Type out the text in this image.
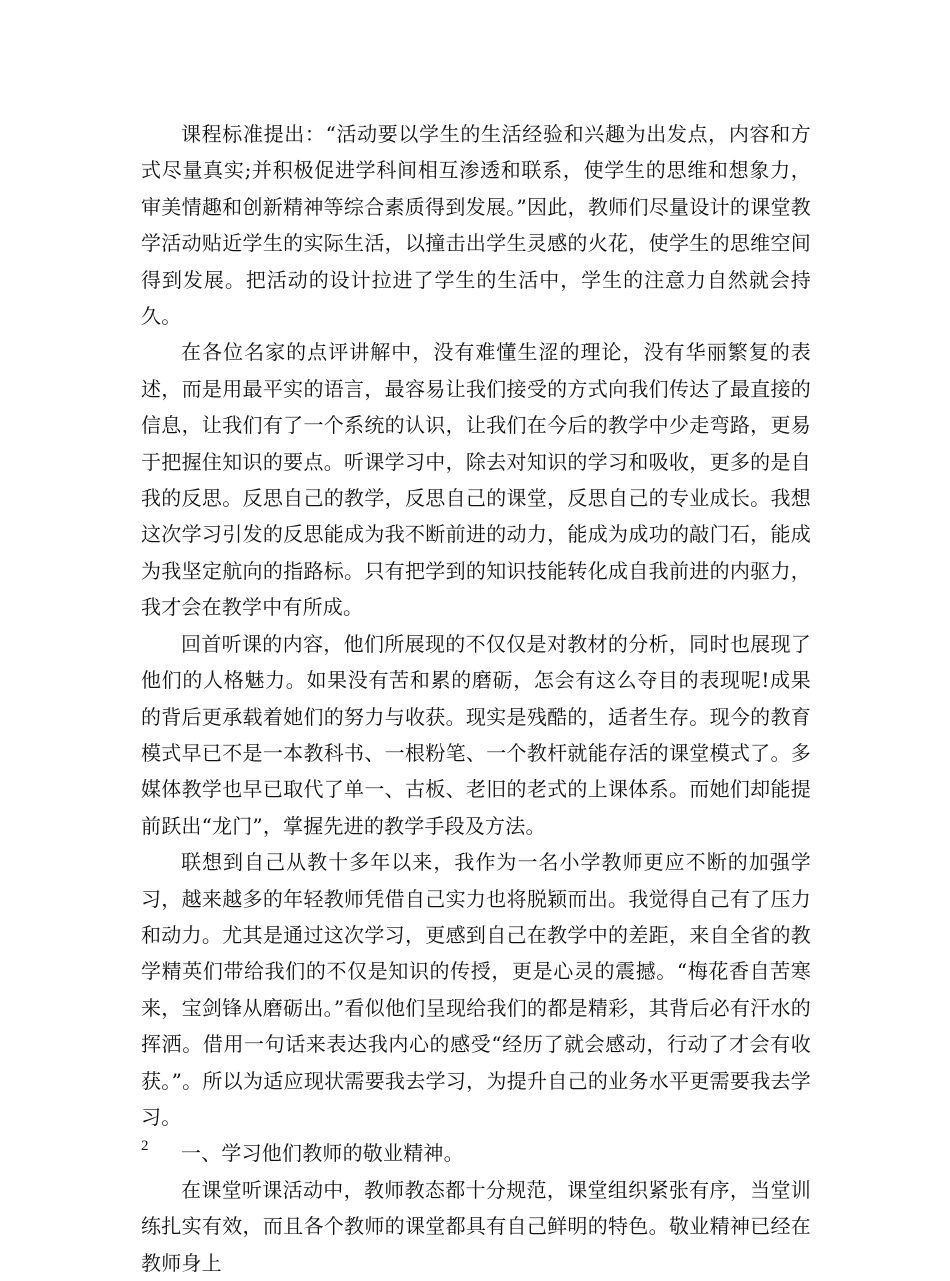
课程标准提出：“活动要以学生的生活经验和兴趣为出发点，内容和方式尽量真实;并积极促进学科间相互渗透和联系，使学生的思维和想象力，审美情趣和创新精神等综合素质得到发展。”因此，教师们尽量设计的课堂教学活动贴近学生的实际生活，以撞击出学生灵感的火花，使学生的思维空间得到发展。把活动的设计拉进了学生的生活中，学生的注意力自然就会持久。

在各位名家的点评讲解中，没有难懂生涩的理论，没有华丽繁复的表述，而是用最平实的语言，最容易让我们接受的方式向我们传达了最直接的信息，让我们有了一个系统的认识，让我们在今后的教学中少走弯路，更易于把握住知识的要点。听课学习中，除去对知识的学习和吸收，更多的是自我的反思。反思自己的教学，反思自己的课堂，反思自己的专业成长。我想这次学习引发的反思能成为我不断前进的动力，能成为成功的敲门石，能成为我坚定航向的指路标。只有把学到的知识技能转化成自我前进的内驱力，我才会在教学中有所成。

回首听课的内容，他们所展现的不仅仅是对教材的分析，同时也展现了他们的人格魅力。如果没有苦和累的磨砺，怎会有这么夺目的表现呢!成果的背后更承载着她们的努力与收获。现实是残酷的，适者生存。现今的教育模式早已不是一本教科书、一根粉笔、一个教杆就能存活的课堂模式了。多媒体教学也早已取代了单一、古板、老旧的老式的上课体系。而她们却能提前跃出“龙门”，掌握先进的教学手段及方法。

联想到自己从教十多年以来，我作为一名小学教师更应不断的加强学习，越来越多的年轻教师凭借自己实力也将脱颖而出。我觉得自己有了压力和动力。尤其是通过这次学习，更感到自己在教学中的差距，来自全省的教学精英们带给我们的不仅是知识的传授，更是心灵的震撼。“梅花香自苦寒来，宝剑锋从磨砺出。”看似他们呈现给我们的都是精彩，其背后必有汗水的挥洒。借用一句话来表达我内心的感受“经历了就会感动，行动了才会有收获。”。所以为适应现状需要我去学习，为提升自己的业务水平更需要我去学习。

一、学习他们教师的敬业精神。

在课堂听课活动中，教师教态都十分规范，课堂组织紧张有序，当堂训练扎实有效，而且各个教师的课堂都具有自己鲜明的特色。敬业精神已经在教师身上

2
